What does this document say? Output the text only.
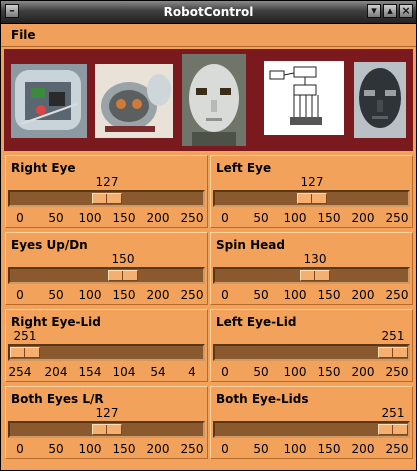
–	RobotControl	▾ ▴ ×
File
Right Eye
127
0 50 100 150 200 250
Left Eye
127
0 50 100 150 200 250
Eyes Up/Dn
150
0 50 100 150 200 250
Spin Head
130
0 50 100 150 200 250
Right Eye-Lid
251
254 204 154 104 54 4
Left Eye-Lid
251
0 50 100 150 200 250
Both Eyes L/R
127
0 50 100 150 200 250
Both Eye-Lids
251
0 50 100 150 200 250
